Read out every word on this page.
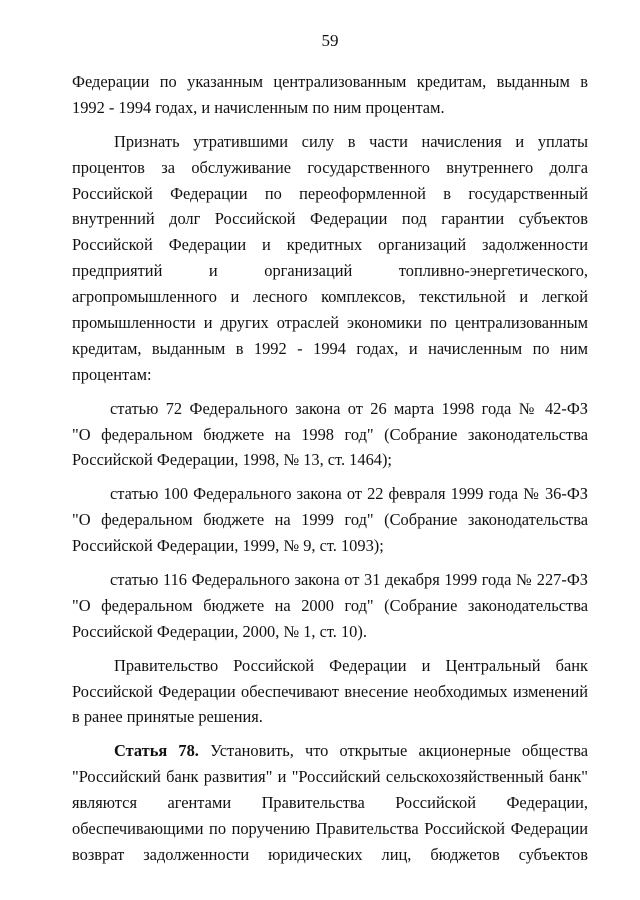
59
Федерации по указанным централизованным кредитам, выданным в
1992 - 1994 годах, и начисленным по ним процентам.
Признать утратившими силу в части начисления и уплаты
процентов за обслуживание государственного внутреннего долга
Российской Федерации по переоформленной в государственный
внутренний долг Российской Федерации под гарантии субъектов
Российской Федерации и кредитных организаций задолженности
предприятий и организаций топливно-энергетического,
агропромышленного и лесного комплексов, текстильной и легкой
промышленности и других отраслей экономики по централизованным
кредитам, выданным в 1992 - 1994 годах, и начисленным по ним
процентам:
статью 72 Федерального закона от 26 марта 1998 года № 42-ФЗ
"О федеральном бюджете на 1998 год" (Собрание законодательства
Российской Федерации, 1998, № 13, ст. 1464);
статью 100 Федерального закона от 22 февраля 1999 года № 36-ФЗ
"О федеральном бюджете на 1999 год" (Собрание законодательства
Российской Федерации, 1999, № 9, ст. 1093);
статью 116 Федерального закона от 31 декабря 1999 года № 227-ФЗ
"О федеральном бюджете на 2000 год" (Собрание законодательства
Российской Федерации, 2000, № 1, ст. 10).
Правительство Российской Федерации и Центральный банк
Российской Федерации обеспечивают внесение необходимых изменений
в ранее принятые решения.
Статья 78. Установить, что открытые акционерные общества
"Российский банк развития" и "Российский сельскохозяйственный банк"
являются агентами Правительства Российской Федерации,
обеспечивающими по поручению Правительства Российской Федерации
возврат задолженности юридических лиц, бюджетов субъектов
